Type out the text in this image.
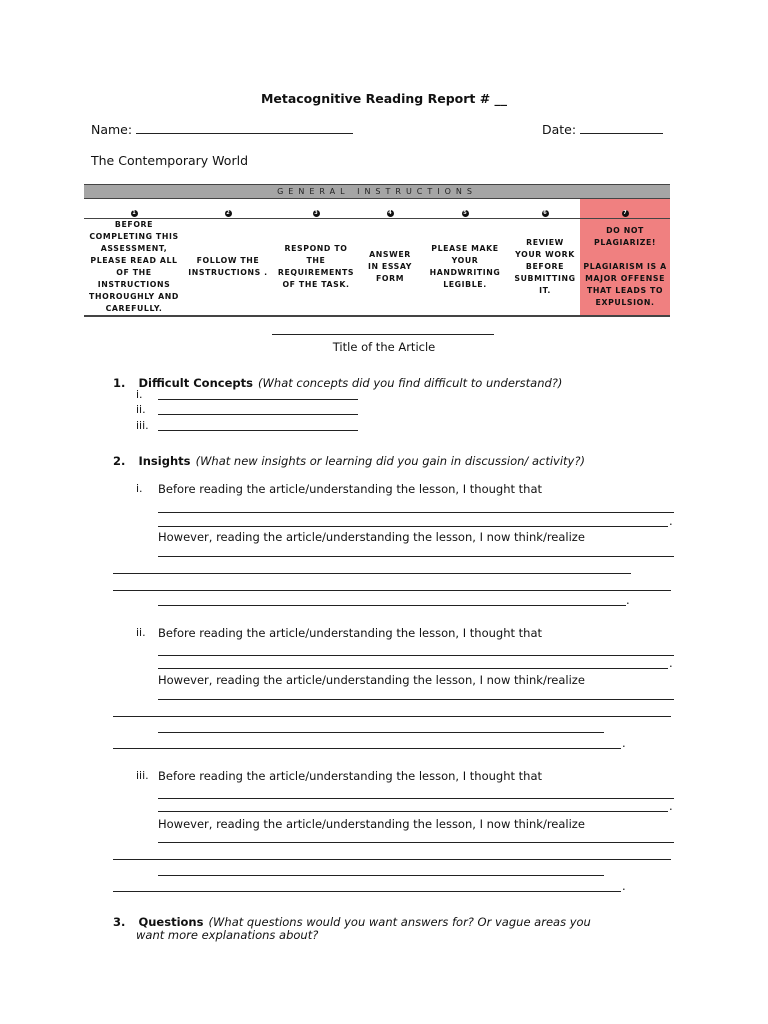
Metacognitive Reading Report # __
Name:	Date:
The Contemporary World
GENERAL INSTRUCTIONS						
1	2	3	4	5	6	7

BEFORE COMPLETING THIS ASSESSMENT, PLEASE READ ALL OF THE INSTRUCTIONS THOROUGHLY AND CAREFULLY.	FOLLOW THE INSTRUCTIONS .	RESPOND TO THE REQUIREMENTS OF THE TASK.	ANSWER IN ESSAY FORM	PLEASE MAKE YOUR HANDWRITING LEGIBLE.	REVIEW YOUR WORK BEFORE SUBMITTING IT.	DO NOT PLAGIARIZE!
PLAGIARISM IS A MAJOR OFFENSE THAT LEADS TO EXPULSION.
Title of the Article
1. Difficult Concepts (What concepts did you find difficult to understand?)
i.
ii.
iii.
2. Insights (What new insights or learning did you gain in discussion/ activity?)
i. Before reading the article/understanding the lesson, I thought that
.
However, reading the article/understanding the lesson, I now think/realize
.
ii. Before reading the article/understanding the lesson, I thought that
.
However, reading the article/understanding the lesson, I now think/realize
.
iii. Before reading the article/understanding the lesson, I thought that
.
However, reading the article/understanding the lesson, I now think/realize
.
3. Questions (What questions would you want answers for? Or vague areas you
want more explanations about?
